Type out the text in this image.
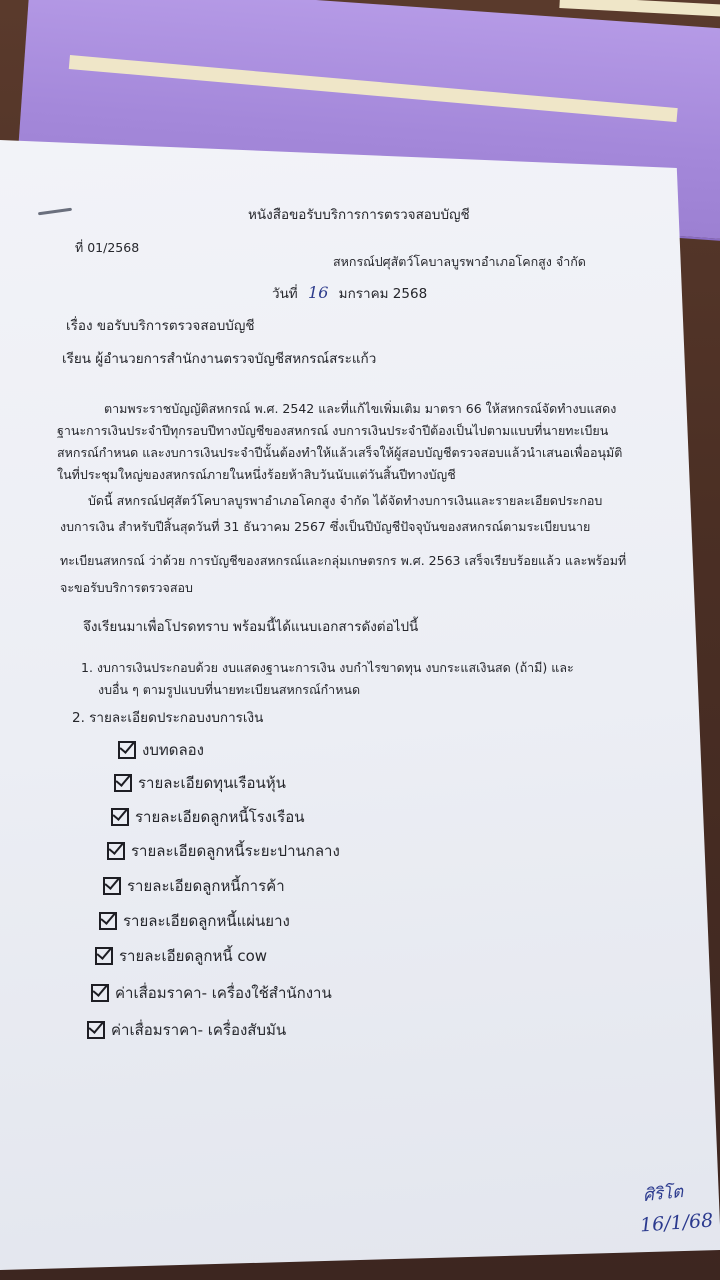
หนังสือขอรับบริการการตรวจสอบบัญชี
ที่ 01/2568
สหกรณ์ปศุสัตว์โคบาลบูรพาอำเภอโคกสูง จำกัด
วันที่ 16 มกราคม 2568
เรื่อง ขอรับบริการตรวจสอบบัญชี
เรียน ผู้อำนวยการสำนักงานตรวจบัญชีสหกรณ์สระแก้ว
ตามพระราชบัญญัติสหกรณ์ พ.ศ. 2542 และที่แก้ไขเพิ่มเติม มาตรา 66 ให้สหกรณ์จัดทำงบแสดง
ฐานะการเงินประจำปีทุกรอบปีทางบัญชีของสหกรณ์ งบการเงินประจำปีต้องเป็นไปตามแบบที่นายทะเบียน
สหกรณ์กำหนด และงบการเงินประจำปีนั้นต้องทำให้แล้วเสร็จให้ผู้สอบบัญชีตรวจสอบแล้วนำเสนอเพื่ออนุมัติ
ในที่ประชุมใหญ่ของสหกรณ์ภายในหนึ่งร้อยห้าสิบวันนับแต่วันสิ้นปีทางบัญชี
บัดนี้ สหกรณ์ปศุสัตว์โคบาลบูรพาอำเภอโคกสูง จำกัด ได้จัดทำงบการเงินและรายละเอียดประกอบ
งบการเงิน สำหรับปีสิ้นสุดวันที่ 31 ธันวาคม 2567 ซึ่งเป็นปีบัญชีปัจจุบันของสหกรณ์ตามระเบียบนาย
ทะเบียนสหกรณ์ ว่าด้วย การบัญชีของสหกรณ์และกลุ่มเกษตรกร พ.ศ. 2563 เสร็จเรียบร้อยแล้ว และพร้อมที่
จะขอรับบริการตรวจสอบ
จึงเรียนมาเพื่อโปรดทราบ พร้อมนี้ได้แนบเอกสารดังต่อไปนี้
1. งบการเงินประกอบด้วย งบแสดงฐานะการเงิน งบกำไรขาดทุน งบกระแสเงินสด (ถ้ามี) และ
งบอื่น ๆ ตามรูปแบบที่นายทะเบียนสหกรณ์กำหนด
2. รายละเอียดประกอบงบการเงิน
งบทดลอง
รายละเอียดทุนเรือนหุ้น
รายละเอียดลูกหนี้โรงเรือน
รายละเอียดลูกหนี้ระยะปานกลาง
รายละเอียดลูกหนี้การค้า
รายละเอียดลูกหนี้แผ่นยาง
รายละเอียดลูกหนี้ cow
ค่าเสื่อมราคา- เครื่องใช้สำนักงาน
ค่าเสื่อมราคา- เครื่องสับมัน
ศิริโต
16/1/68
